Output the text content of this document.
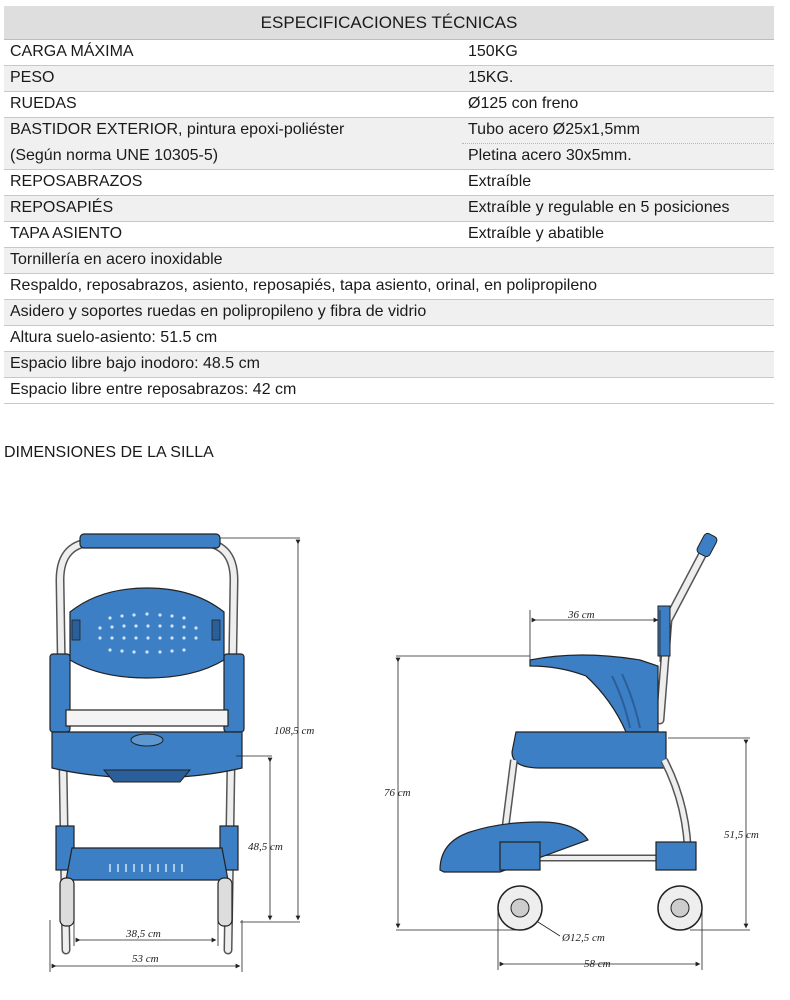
ESPECIFICACIONES TÉCNICAS	
CARGA MÁXIMA	150KG
PESO	15KG.
RUEDAS	Ø125 con freno
BASTIDOR EXTERIOR, pintura epoxi-poliéster	Tubo acero Ø25x1,5mm
(Según norma UNE 10305-5)	Pletina acero 30x5mm.
REPOSABRAZOS	Extraíble
REPOSAPIÉS	Extraíble y regulable en 5 posiciones
TAPA ASIENTO	Extraíble y abatible
Tornillería en acero inoxidable	
Respaldo, reposabrazos, asiento, reposapiés, tapa asiento, orinal, en polipropileno	
Asidero y soportes ruedas en polipropileno y fibra de vidrio	
Altura suelo-asiento: 51.5 cm	
Espacio libre bajo inodoro: 48.5 cm	
Espacio libre entre reposabrazos: 42 cm	
DIMENSIONES DE LA SILLA
108,5 cm
48,5 cm
38,5 cm
53 cm
36 cm
76 cm
51,5 cm
Ø12,5 cm
58 cm
